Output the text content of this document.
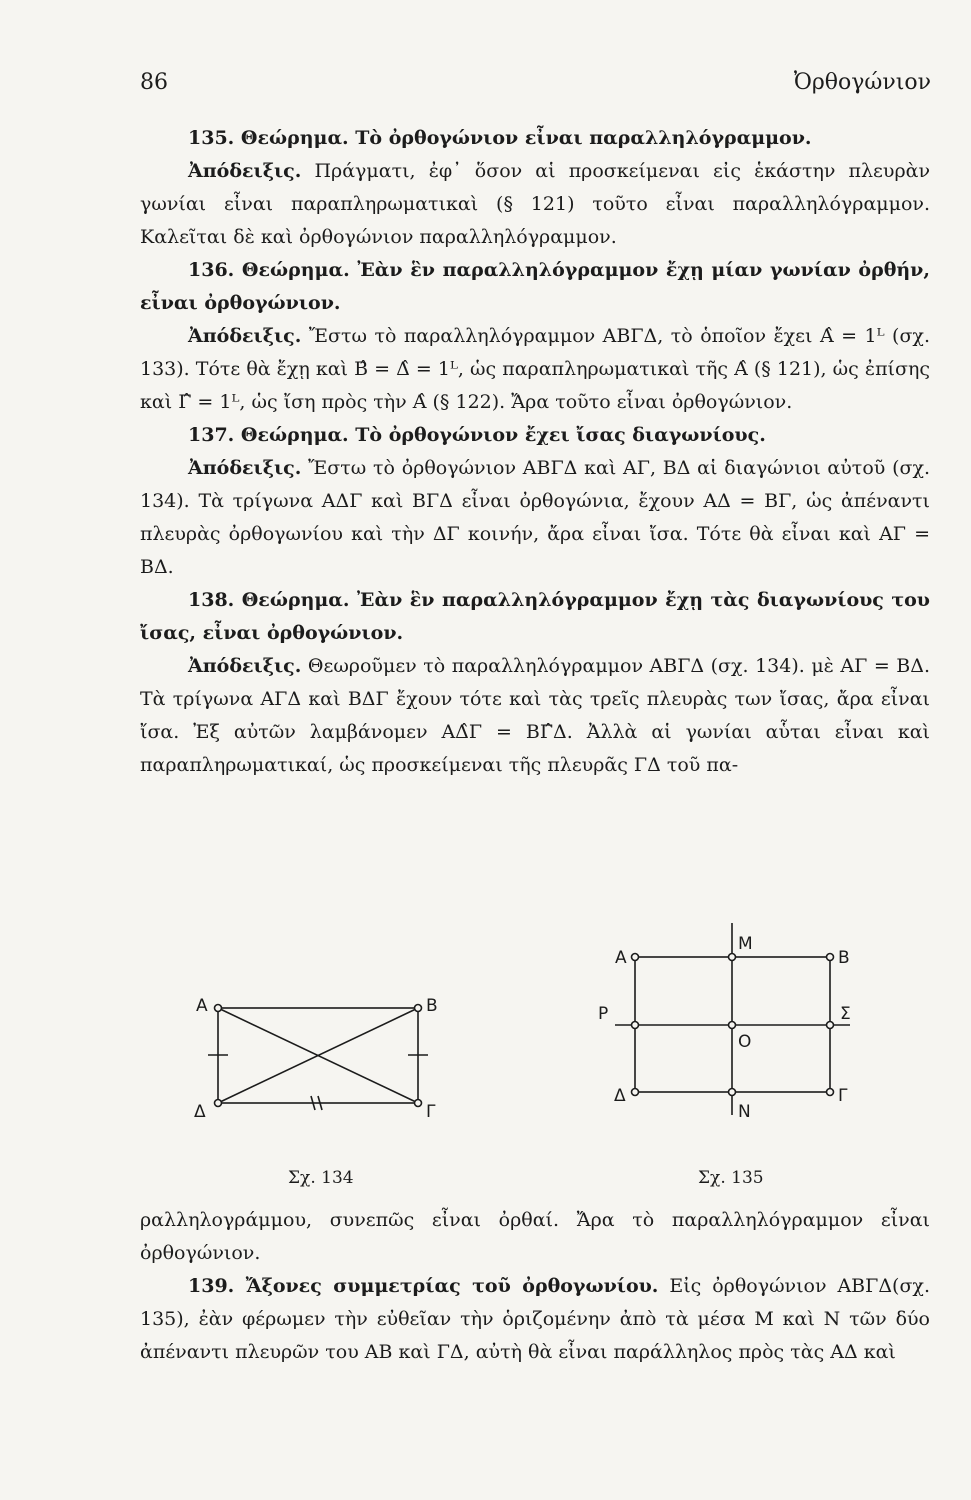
86	Ὀρθογώνιον

135. Θεώρημα. Τὸ ὀρθογώνιον εἶναι παραλληλόγραμμον.

Ἀπόδειξις. Πράγματι, ἐφ᾽ ὅσον αἱ προσκείμεναι εἰς ἑκάστην πλευρὰν γωνίαι εἶναι παραπληρωματικαὶ (§ 121) τοῦτο εἶναι παραλληλόγραμμον. Καλεῖται δὲ καὶ ὀρθογώνιον παραλληλόγραμμον.

136. Θεώρημα. Ἐὰν ἓν παραλληλόγραμμον ἔχῃ μίαν γωνίαν ὀρθήν, εἶναι ὀρθογώνιον.

Ἀπόδειξις. Ἔστω τὸ παραλληλόγραμμον ΑΒΓΔ, τὸ ὁποῖον ἔχει Α̂ = 1ᴸ (σχ. 133). Τότε θὰ ἔχῃ καὶ Β̂ = Δ̂ = 1ᴸ, ὡς παραπληρωματικαὶ τῆς Α̂ (§ 121), ὡς ἐπίσης καὶ Γ̂ = 1ᴸ, ὡς ἴση πρὸς τὴν Α̂ (§ 122). Ἄρα τοῦτο εἶναι ὀρθογώνιον.

137. Θεώρημα. Τὸ ὀρθογώνιον ἔχει ἴσας διαγωνίους.

Ἀπόδειξις. Ἔστω τὸ ὀρθογώνιον ΑΒΓΔ καὶ ΑΓ, ΒΔ αἱ διαγώνιοι αὐτοῦ (σχ. 134). Τὰ τρίγωνα ΑΔΓ καὶ ΒΓΔ εἶναι ὀρθογώνια, ἔχουν ΑΔ = ΒΓ, ὡς ἀπέναντι πλευρὰς ὀρθογωνίου καὶ τὴν ΔΓ κοινήν, ἄρα εἶναι ἴσα. Τότε θὰ εἶναι καὶ ΑΓ = ΒΔ.

138. Θεώρημα. Ἐὰν ἓν παραλληλόγραμμον ἔχῃ τὰς διαγωνίους του ἴσας, εἶναι ὀρθογώνιον.

Ἀπόδειξις. Θεωροῦμεν τὸ παραλληλόγραμμον ΑΒΓΔ (σχ. 134). μὲ ΑΓ = ΒΔ. Τὰ τρίγωνα ΑΓΔ καὶ ΒΔΓ ἔχουν τότε καὶ τὰς τρεῖς πλευρὰς των ἴσας, ἄρα εἶναι ἴσα. Ἐξ αὐτῶν λαμβάνομεν ΑΔ̂Γ = ΒΓ̂Δ. Ἀλλὰ αἱ γωνίαι αὗται εἶναι καὶ παραπληρωματικαί, ὡς προσκείμεναι τῆς πλευρᾶς ΓΔ τοῦ πα-

Α	Β
Δ	Γ
Σχ. 134
Α	Β
Μ
Ρ	Σ
Ο
Δ	Γ
Ν
Σχ. 135

ραλληλογράμμου, συνεπῶς εἶναι ὀρθαί. Ἄρα τὸ παραλληλόγραμμον εἶναι ὀρθογώνιον.

139. Ἄξονες συμμετρίας τοῦ ὀρθογωνίου. Εἰς ὀρθογώνιον ΑΒΓΔ(σχ. 135), ἐὰν φέρωμεν τὴν εὐθεῖαν τὴν ὁριζομένην ἀπὸ τὰ μέσα Μ καὶ Ν τῶν δύο ἀπέναντι πλευρῶν του ΑΒ καὶ ΓΔ, αὐτὴ θὰ εἶναι παράλληλος πρὸς τὰς ΑΔ καὶ
